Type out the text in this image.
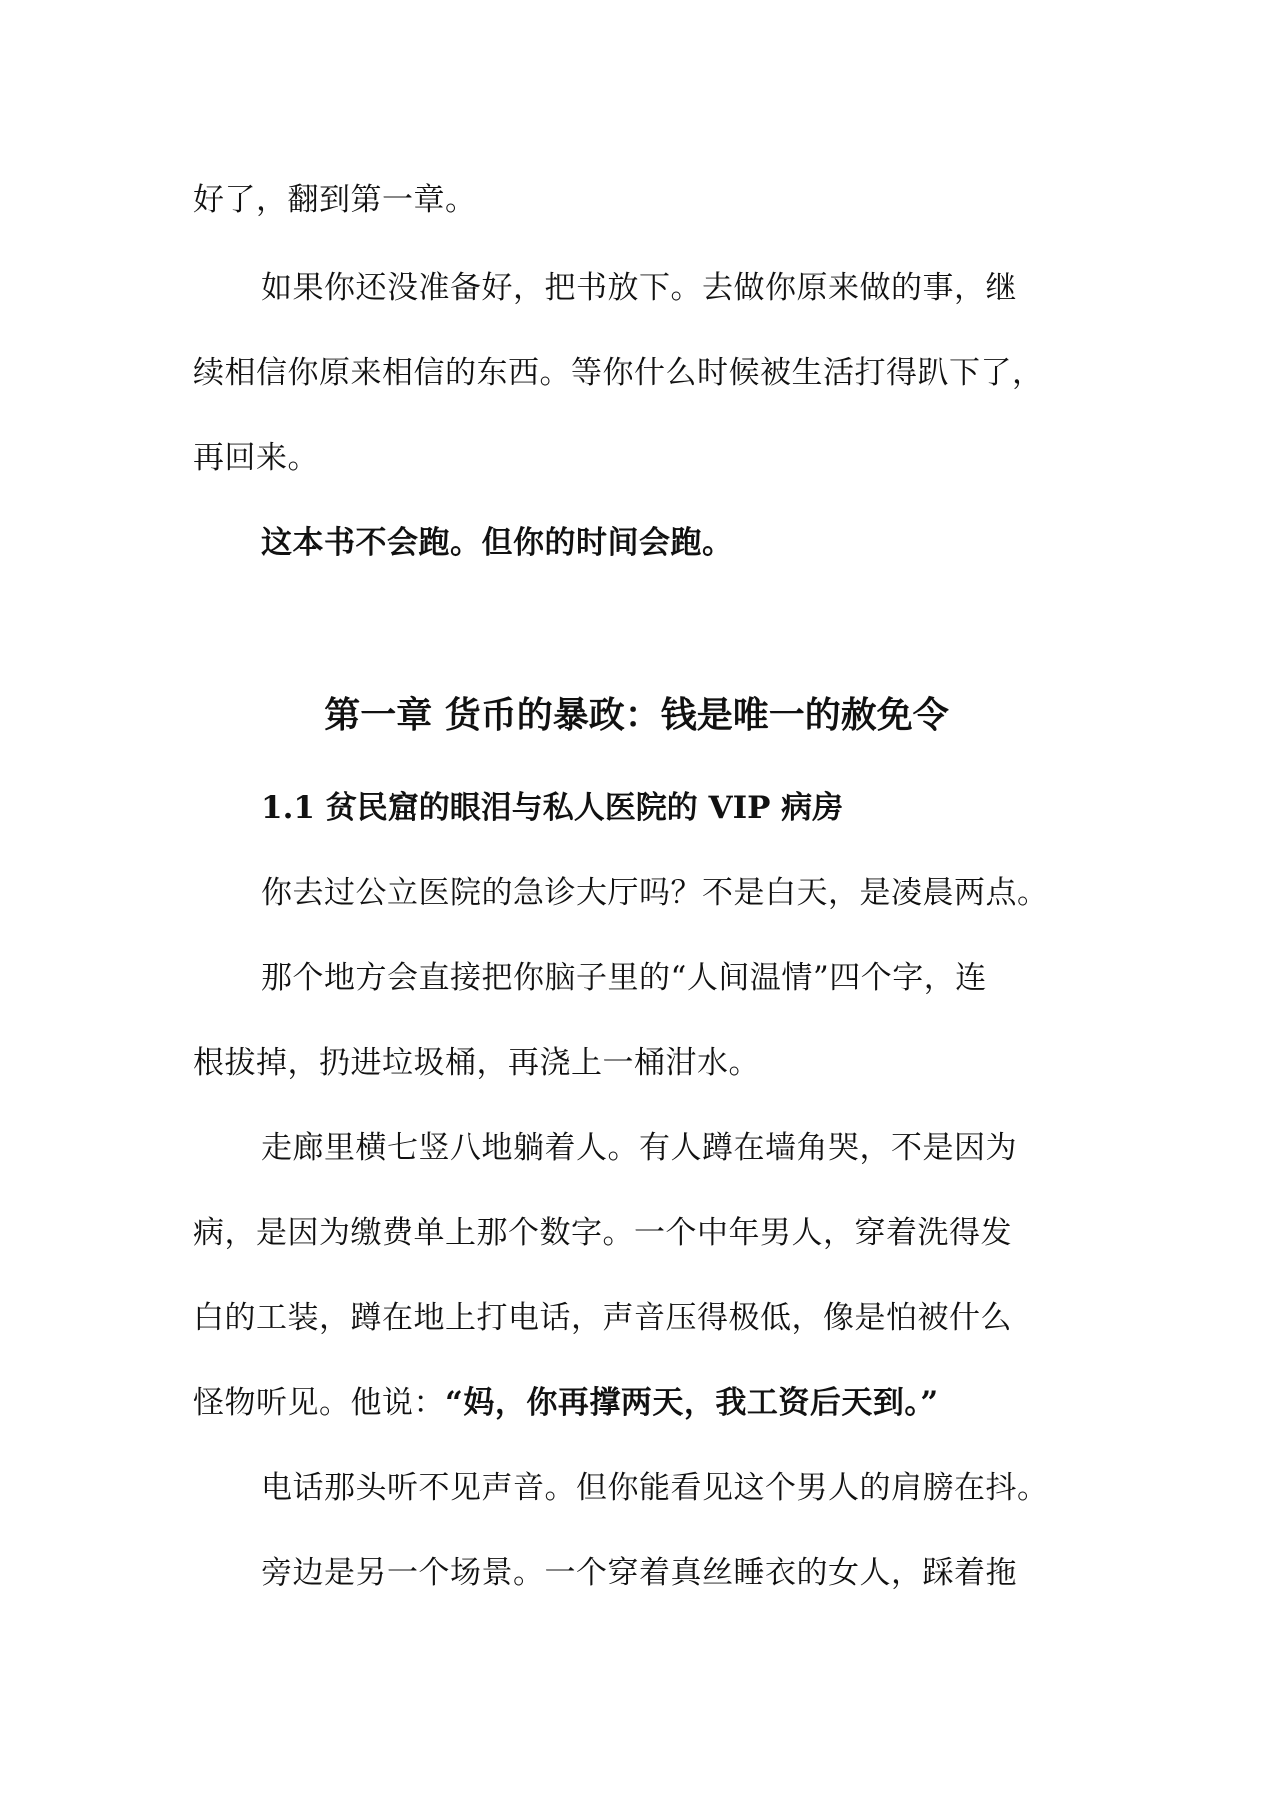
好了，翻到第一章。

如果你还没准备好，把书放下。去做你原来做的事，继

续相信你原来相信的东西。等你什么时候被生活打得趴下了，

再回来。

这本书不会跑。但你的时间会跑。

第一章 货币的暴政：钱是唯一的赦免令
1.1 贫民窟的眼泪与私人医院的 VIP 病房

你去过公立医院的急诊大厅吗？不是白天，是凌晨两点。

那个地方会直接把你脑子里的“人间温情”四个字，连

根拔掉，扔进垃圾桶，再浇上一桶泔水。

走廊里横七竖八地躺着人。有人蹲在墙角哭，不是因为

病，是因为缴费单上那个数字。一个中年男人，穿着洗得发

白的工装，蹲在地上打电话，声音压得极低，像是怕被什么

怪物听见。他说：“妈，你再撑两天，我工资后天到。”

电话那头听不见声音。但你能看见这个男人的肩膀在抖。

旁边是另一个场景。一个穿着真丝睡衣的女人，踩着拖
